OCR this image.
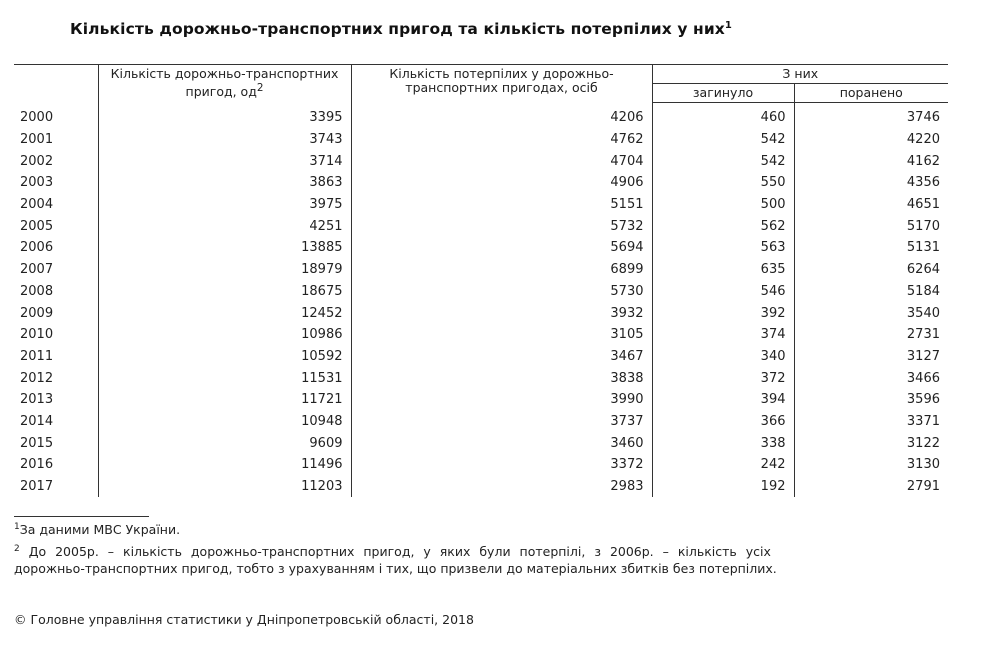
Кількість дорожньо-транспортних пригод та кількість потерпілих у них$^1$
	Кількість дорожньо-транспортних пригод, $од^2$	Кількість потерпілих у дорожньо-транспортних пригодах, осіб	З них	
			загинуло	поранено
2000	3395	4206	460	3746
2001	3743	4762	542	4220
2002	3714	4704	542	4162
2003	3863	4906	550	4356
2004	3975	5151	500	4651
2005	4251	5732	562	5170
2006	13885	5694	563	5131
2007	18979	6899	635	6264
2008	18675	5730	546	5184
2009	12452	3932	392	3540
2010	10986	3105	374	2731
2011	10592	3467	340	3127
2012	11531	3838	372	3466
2013	11721	3990	394	3596
2014	10948	3737	366	3371
2015	9609	3460	338	3122
2016	11496	3372	242	3130
2017	11203	2983	192	2791
$^1$За даними МВС України.
$^2$ До 2005р. – кількість дорожньо-транспортних пригод, у яких були потерпілі, з 2006р. – кількість усіх
дорожньо-транспортних пригод, тобто з урахуванням і тих, що призвели до матеріальних збитків без потерпілих.
© Головне управління статистики у Дніпропетровській області, 2018
